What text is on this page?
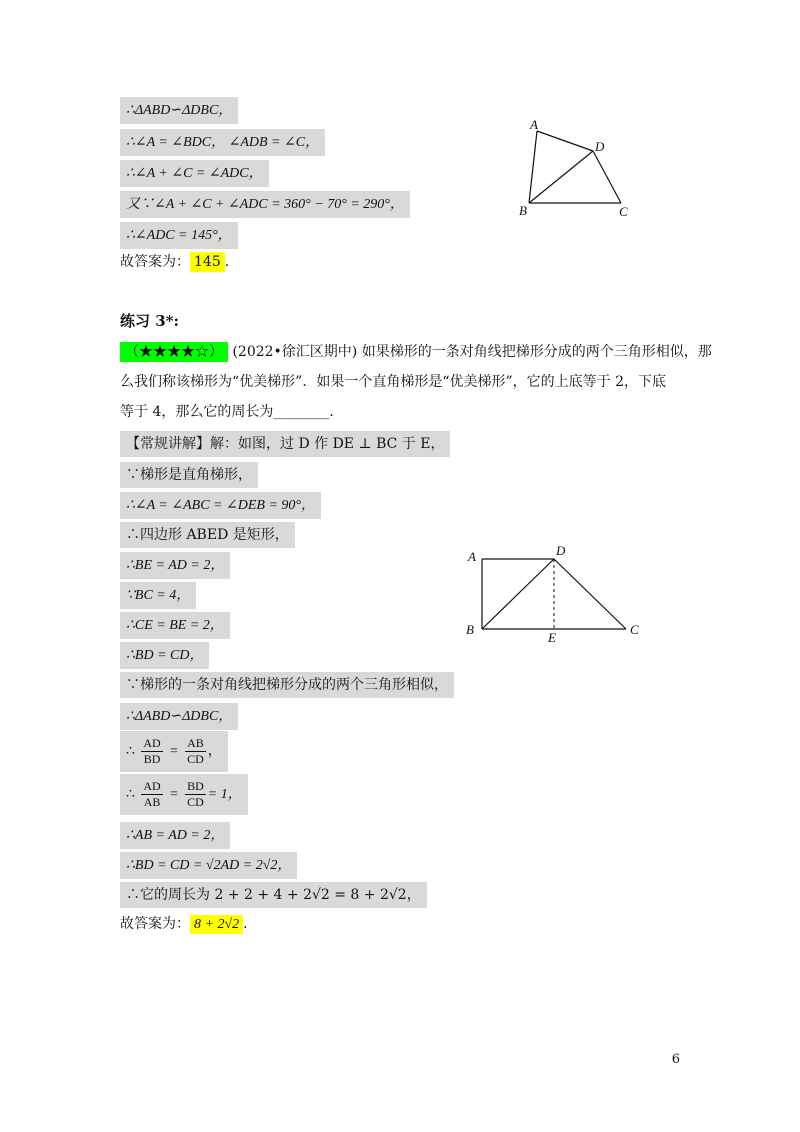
∴ΔABD∽ΔDBC，
∴∠A = ∠BDC， ∠ADB = ∠C，
∴∠A + ∠C = ∠ADC，
又∵∠A + ∠C + ∠ADC = 360° − 70° = 290°，
∴∠ADC = 145°，
故答案为： 145 .
A
D
B	C
练习 3*:
（★★★★☆） (2022•徐汇区期中) 如果梯形的一条对角线把梯形分成的两个三角形相似，那
么我们称该梯形为“优美梯形”．如果一个直角梯形是“优美梯形”，它的上底等于 2，下底
等于 4，那么它的周长为________．
【常规讲解】解：如图，过 D 作 DE ⊥ BC 于 E，
∵梯形是直角梯形，
∴∠A = ∠ABC = ∠DEB = 90°，
∴四边形 ABED 是矩形，
∴BE = AD = 2，
∵BC = 4，
∴CE = BE = 2，
∴BD = CD，
∵梯形的一条对角线把梯形分成的两个三角形相似，
∴ΔABD∽ΔDBC，
∴ $\frac{AD}{BD} = \frac{AB}{CD}$ ，
∴ $\frac{AD}{AB} = \frac{BD}{CD} = 1$，
∴AB = AD = 2，
∴BD = CD = √2AD = 2√2，
∴它的周长为 2 + 2 + 4 + 2√2 = 8 + 2√2，
故答案为： 8 + 2√2 .
A	D
B
E
C
6
